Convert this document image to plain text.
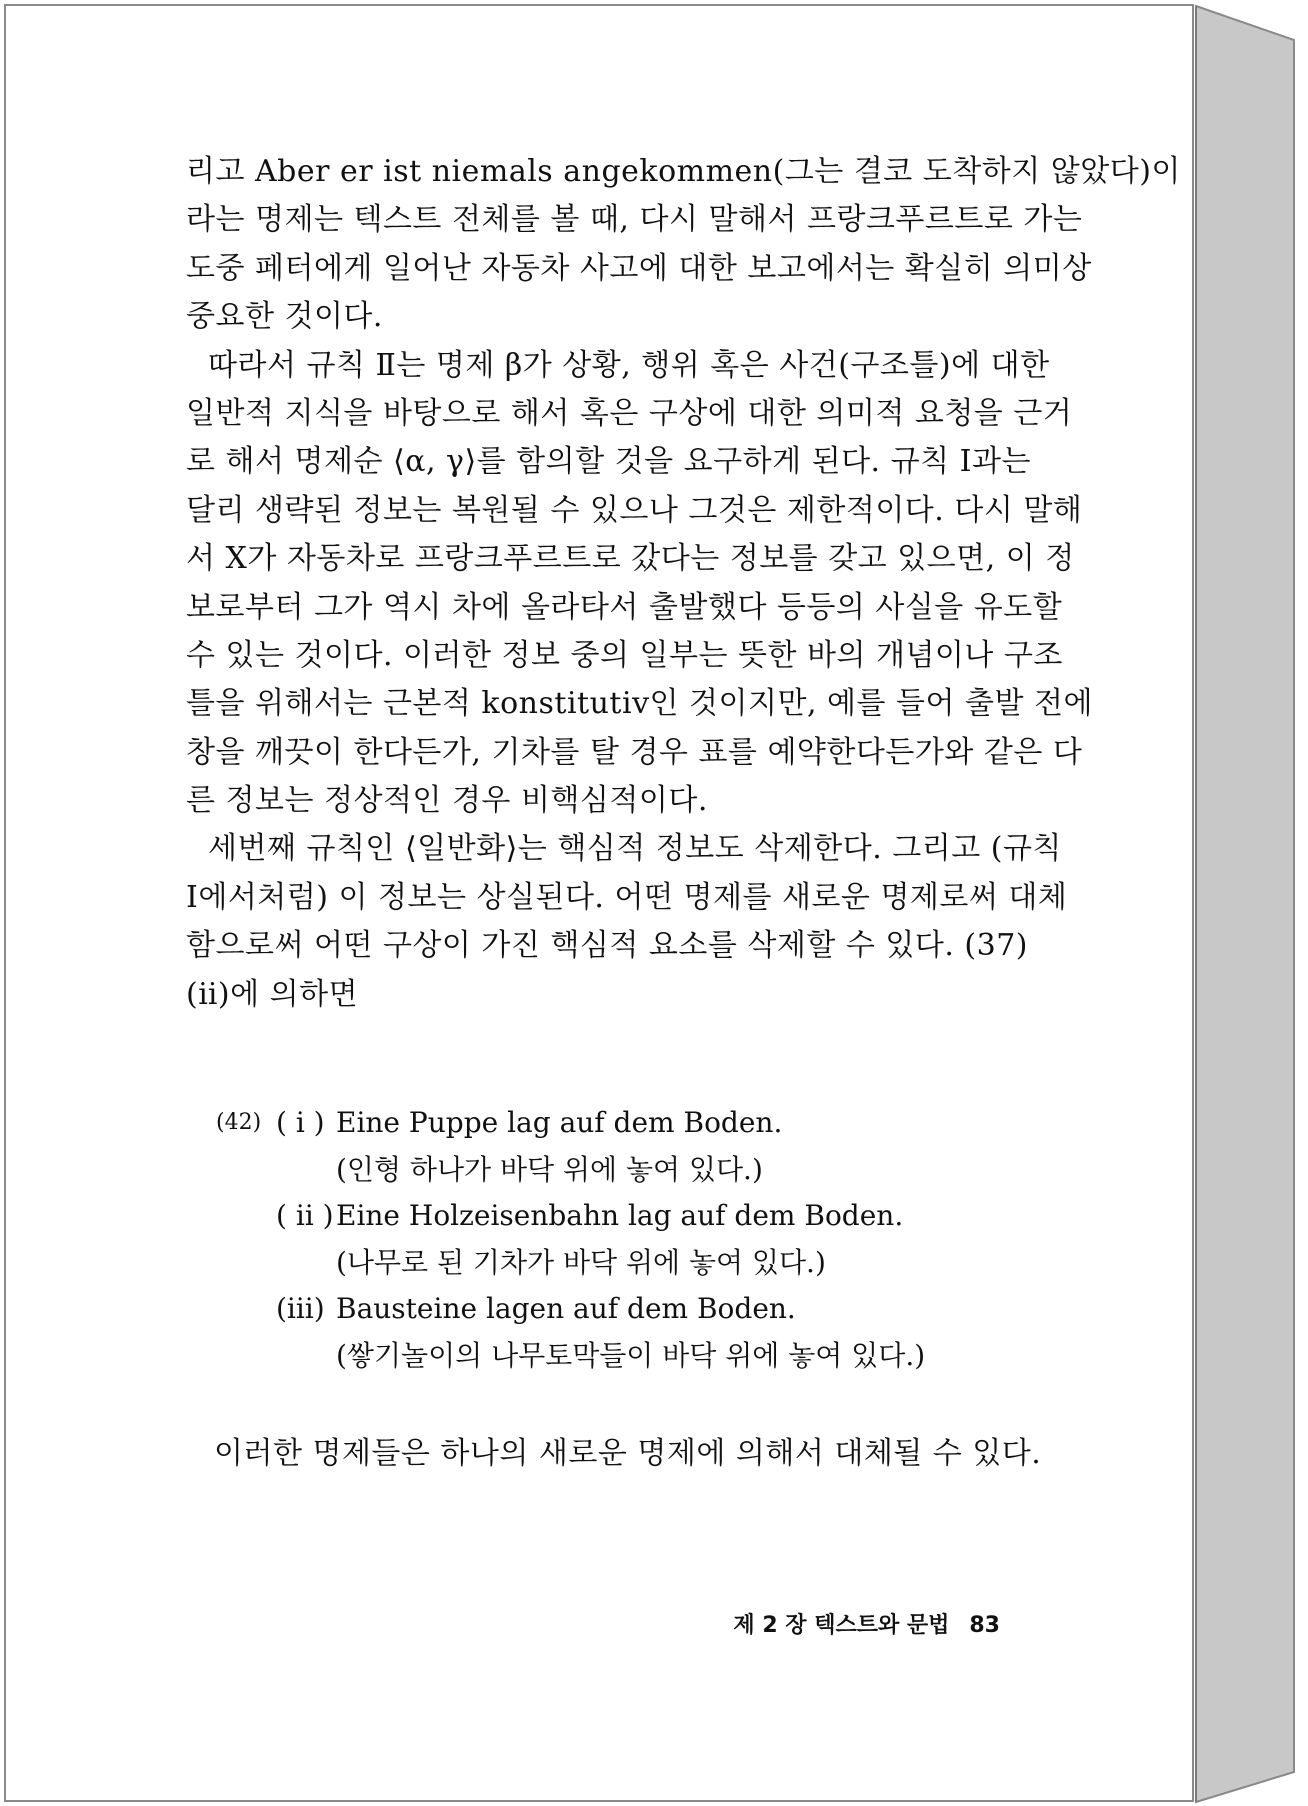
리고 Aber er ist niemals angekommen(그는 결코 도착하지 않았다)이
라는 명제는 텍스트 전체를 볼 때, 다시 말해서 프랑크푸르트로 가는
도중 페터에게 일어난 자동차 사고에 대한 보고에서는 확실히 의미상
중요한 것이다.
따라서 규칙 Ⅱ는 명제 β가 상황, 행위 혹은 사건(구조틀)에 대한
일반적 지식을 바탕으로 해서 혹은 구상에 대한 의미적 요청을 근거
로 해서 명제순 ⟨α, γ⟩를 함의할 것을 요구하게 된다. 규칙 Ⅰ과는
달리 생략된 정보는 복원될 수 있으나 그것은 제한적이다. 다시 말해
서 X가 자동차로 프랑크푸르트로 갔다는 정보를 갖고 있으면, 이 정
보로부터 그가 역시 차에 올라타서 출발했다 등등의 사실을 유도할
수 있는 것이다. 이러한 정보 중의 일부는 뜻한 바의 개념이나 구조
틀을 위해서는 근본적 konstitutiv인 것이지만, 예를 들어 출발 전에
창을 깨끗이 한다든가, 기차를 탈 경우 표를 예약한다든가와 같은 다
른 정보는 정상적인 경우 비핵심적이다.
세번째 규칙인 ⟨일반화⟩는 핵심적 정보도 삭제한다. 그리고 (규칙
Ⅰ에서처럼) 이 정보는 상실된다. 어떤 명제를 새로운 명제로써 대체
함으로써 어떤 구상이 가진 핵심적 요소를 삭제할 수 있다. (37)
(ⅱ)에 의하면
(42) ( ⅰ ) Eine Puppe lag auf dem Boden.
(인형 하나가 바닥 위에 놓여 있다.)
( ⅱ ) Eine Holzeisenbahn lag auf dem Boden.
(나무로 된 기차가 바닥 위에 놓여 있다.)
(ⅲ) Bausteine lagen auf dem Boden.
(쌓기놀이의 나무토막들이 바닥 위에 놓여 있다.)
이러한 명제들은 하나의 새로운 명제에 의해서 대체될 수 있다.
제 2 장 텍스트와 문법 83
